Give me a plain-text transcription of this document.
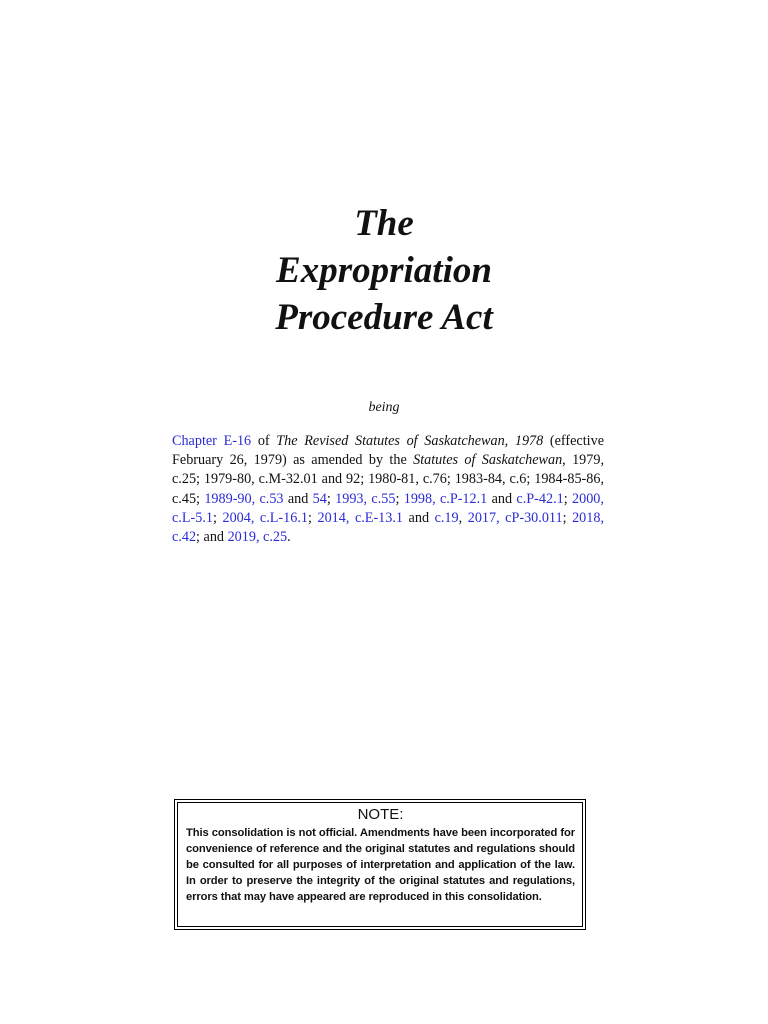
The
Expropriation
Procedure Act
being

Chapter E-16 of The Revised Statutes of Saskatchewan, 1978 (effective February 26, 1979) as amended by the Statutes of Saskatchewan, 1979, c.25; 1979-80, c.M-32.01 and 92; 1980-81, c.76; 1983-84, c.6; 1984-85-86, c.45; 1989-90, c.53 and 54; 1993, c.55; 1998, c.P-12.1 and c.P-42.1; 2000, c.L-5.1; 2004, c.L-16.1; 2014, c.E-13.1 and c.19, 2017, cP-30.011; 2018, c.42; and 2019, c.25.

NOTE:

This consolidation is not official. Amendments have been incorporated for convenience of reference and the original statutes and regulations should be consulted for all purposes of interpretation and application of the law. In order to preserve the integrity of the original statutes and regulations, errors that may have appeared are reproduced in this consolidation.
